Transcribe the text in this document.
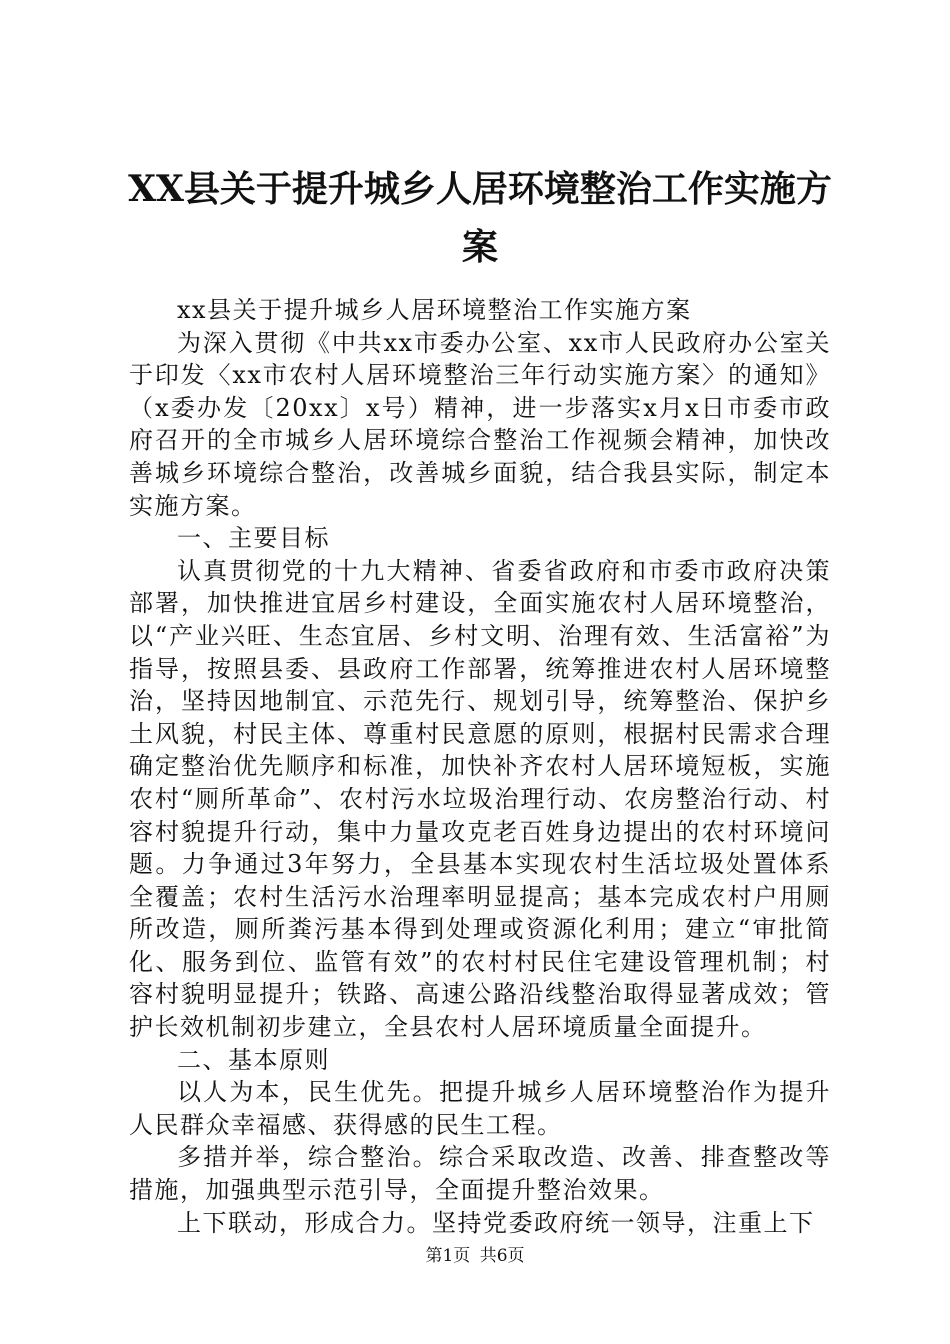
XX县关于提升城乡人居环境整治工作实施方案

xx县关于提升城乡人居环境整治工作实施方案

为深入贯彻《中共xx市委办公室、xx市人民政府办公室关于印发〈xx市农村人居环境整治三年行动实施方案〉的通知》（x委办发〔20xx〕x号）精神，进一步落实x月x日市委市政府召开的全市城乡人居环境综合整治工作视频会精神，加快改善城乡环境综合整治，改善城乡面貌，结合我县实际，制定本实施方案。

一、主要目标

认真贯彻党的十九大精神、省委省政府和市委市政府决策部署，加快推进宜居乡村建设，全面实施农村人居环境整治，以“产业兴旺、生态宜居、乡村文明、治理有效、生活富裕”为指导，按照县委、县政府工作部署，统筹推进农村人居环境整治，坚持因地制宜、示范先行、规划引导，统筹整治、保护乡土风貌，村民主体、尊重村民意愿的原则，根据村民需求合理确定整治优先顺序和标准，加快补齐农村人居环境短板，实施农村“厕所革命”、农村污水垃圾治理行动、农房整治行动、村容村貌提升行动，集中力量攻克老百姓身边提出的农村环境问题。力争通过3年努力，全县基本实现农村生活垃圾处置体系全覆盖；农村生活污水治理率明显提高；基本完成农村户用厕所改造，厕所粪污基本得到处理或资源化利用；建立“审批简化、服务到位、监管有效”的农村村民住宅建设管理机制；村容村貌明显提升；铁路、高速公路沿线整治取得显著成效；管护长效机制初步建立，全县农村人居环境质量全面提升。

二、基本原则

以人为本，民生优先。把提升城乡人居环境整治作为提升人民群众幸福感、获得感的民生工程。

多措并举，综合整治。综合采取改造、改善、排查整改等措施，加强典型示范引导，全面提升整治效果。

上下联动，形成合力。坚持党委政府统一领导，注重上下

第1页 共6页
